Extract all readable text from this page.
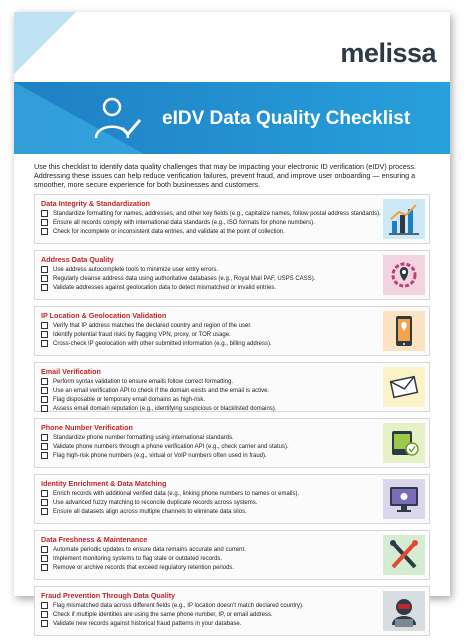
melissa
eIDV Data Quality Checklist
Use this checklist to identify data quality challenges that may be impacting your electronic ID verification (eIDV) process. Addressing these issues can help reduce verification failures, prevent fraud, and improve user onboarding — ensuring a smoother, more secure experience for both businesses and customers.
Data Integrity & Standardization
Standardize formatting for names, addresses, and other key fields (e.g., capitalize names, follow postal address standards).
Ensure all records comply with international data standards (e.g., ISO formats for phone numbers).
Check for incomplete or inconsistent data entries, and validate at the point of collection.
Address Data Quality
Use address autocomplete tools to minimize user entry errors.
Regularly cleanse address data using authoritative databases (e.g., Royal Mail PAF, USPS CASS).
Validate addresses against geolocation data to detect mismatched or invalid entries.
IP Location & Geolocation Validation
Verify that IP address matches the declared country and region of the user.
Identify potential fraud risks by flagging VPN, proxy, or TOR usage.
Cross-check IP geolocation with other submitted information (e.g., billing address).
Email Verification
Perform syntax validation to ensure emails follow correct formatting.
Use an email verification API to check if the domain exists and the email is active.
Flag disposable or temporary email domains as high-risk.
Assess email domain reputation (e.g., identifying suspicious or blacklisted domains).
Phone Number Verification
Standardize phone number formatting using international standards.
Validate phone numbers through a phone verification API (e.g., check carrier and status).
Flag high-risk phone numbers (e.g., virtual or VoIP numbers often used in fraud).
Identity Enrichment & Data Matching
Enrich records with additional verified data (e.g., linking phone numbers to names or emails).
Use advanced fuzzy matching to reconcile duplicate records across systems.
Ensure all datasets align across multiple channels to eliminate data silos.
Data Freshness & Maintenance
Automate periodic updates to ensure data remains accurate and current.
Implement monitoring systems to flag stale or outdated records.
Remove or archive records that exceed regulatory retention periods.
Fraud Prevention Through Data Quality
Flag mismatched data across different fields (e.g., IP location doesn't match declared country).
Check if multiple identities are using the same phone number, IP, or email address.
Validate new records against historical fraud patterns in your database.
